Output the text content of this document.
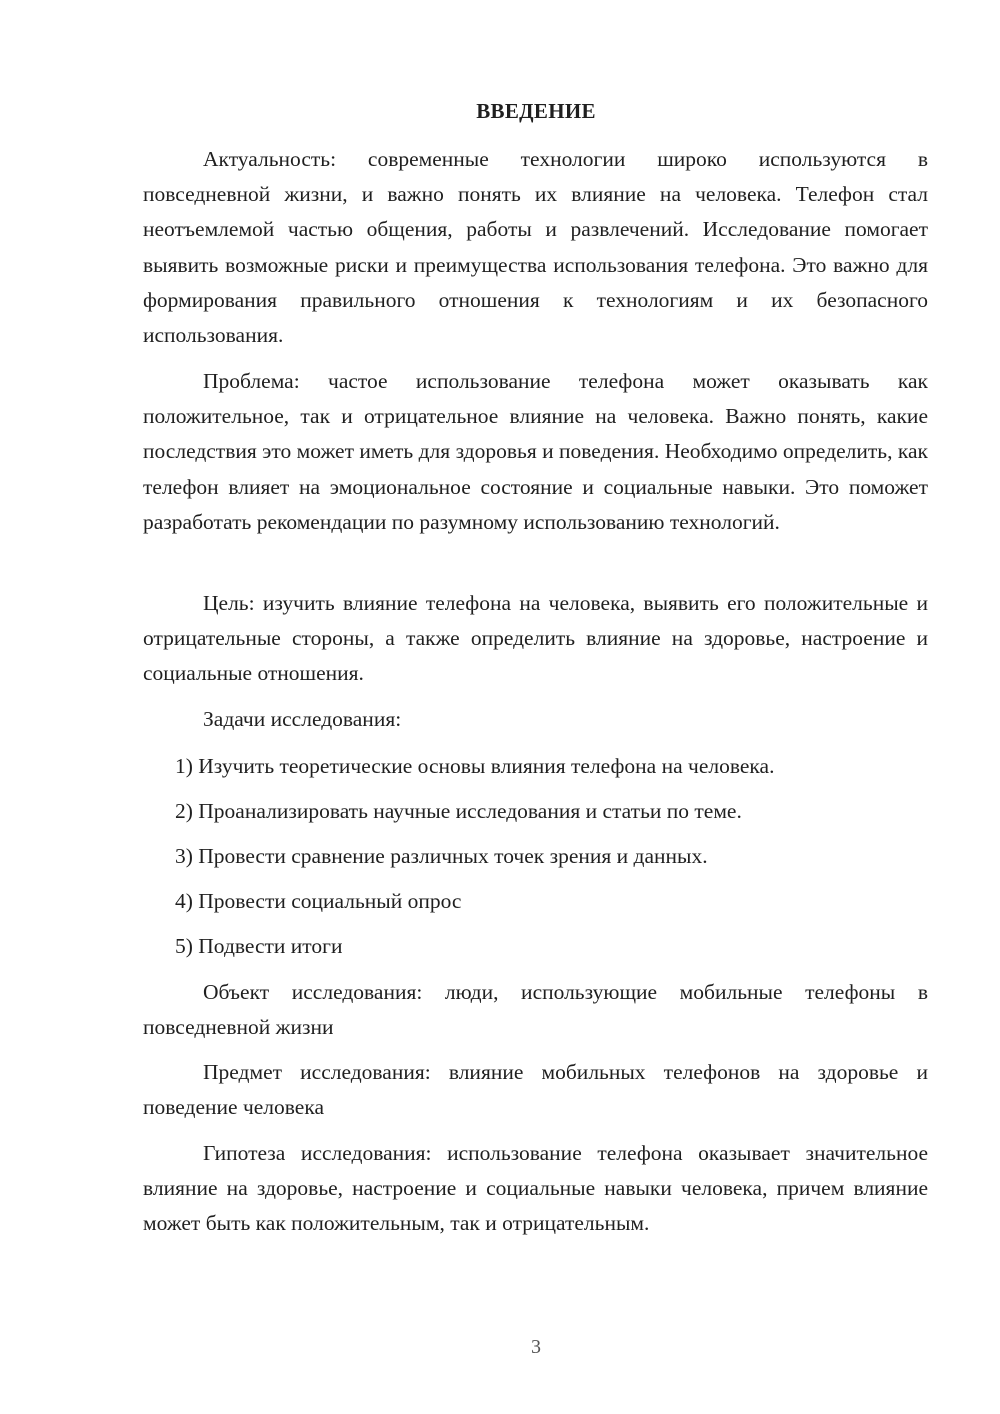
ВВЕДЕНИЕ

Актуальность: современные технологии широко используются в повседневной жизни, и важно понять их влияние на человека. Телефон стал неотъемлемой частью общения, работы и развлечений. Исследование помогает выявить возможные риски и преимущества использования телефона. Это важно для формирования правильного отношения к технологиям и их безопасного использования.

Проблема: частое использование телефона может оказывать как положительное, так и отрицательное влияние на человека. Важно понять, какие последствия это может иметь для здоровья и поведения. Необходимо определить, как телефон влияет на эмоциональное состояние и социальные навыки. Это поможет разработать рекомендации по разумному использованию технологий.

Цель: изучить влияние телефона на человека, выявить его положительные и отрицательные стороны, а также определить влияние на здоровье, настроение и социальные отношения.

Задачи исследования:

1) Изучить теоретические основы влияния телефона на человека.

2) Проанализировать научные исследования и статьи по теме.

3) Провести сравнение различных точек зрения и данных.

4) Провести социальный опрос

5) Подвести итоги

Объект исследования: люди, использующие мобильные телефоны в повседневной жизни

Предмет исследования: влияние мобильных телефонов на здоровье и поведение человека

Гипотеза исследования: использование телефона оказывает значительное влияние на здоровье, настроение и социальные навыки человека, причем влияние может быть как положительным, так и отрицательным.

3
